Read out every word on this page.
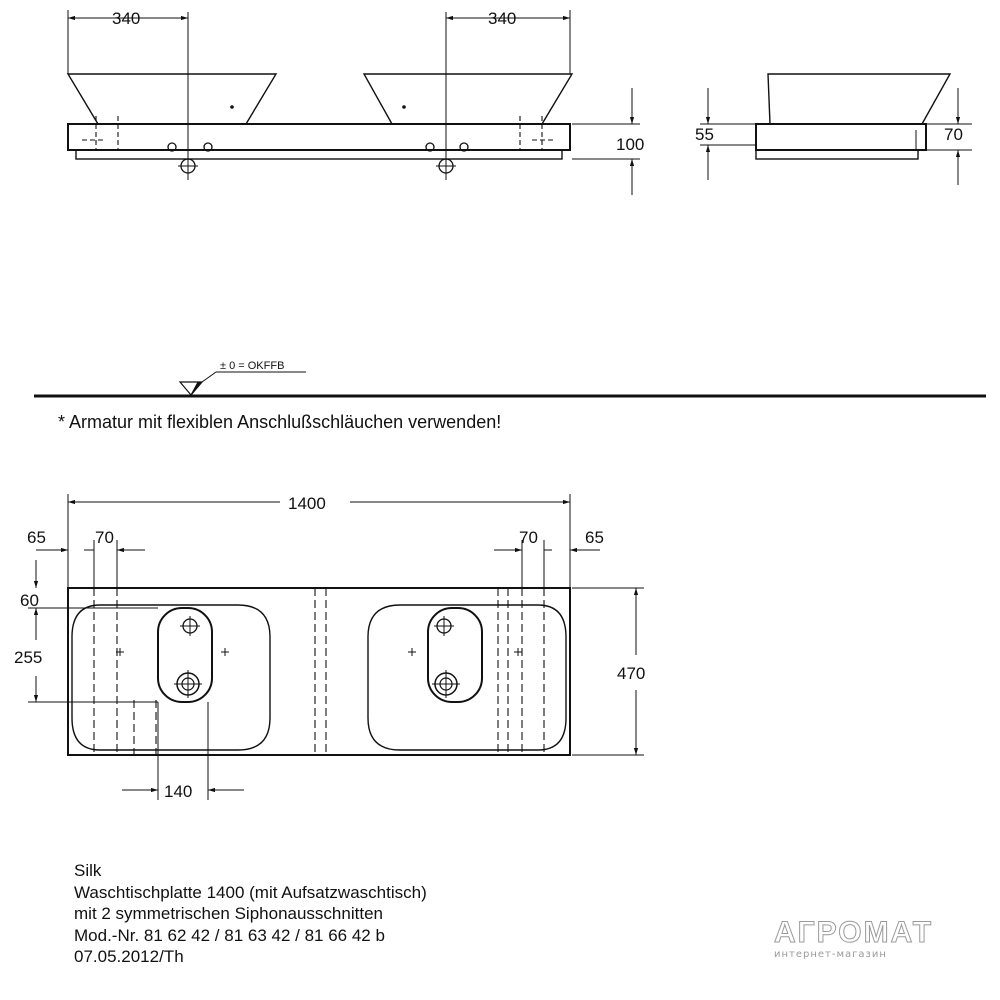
340	340
100
55	70
± 0 = OKFFB
1400
65	70	70	65
60
255
470
140
* Armatur mit flexiblen Anschlußschläuchen verwenden!
Silk
Waschtischplatte 1400 (mit Aufsatzwaschtisch)
mit 2 symmetrischen Siphonausschnitten
Mod.-Nr. 81 62 42 / 81 63 42 / 81 66 42 b
07.05.2012/Th
АГРОМАТ
интернет-магазин
